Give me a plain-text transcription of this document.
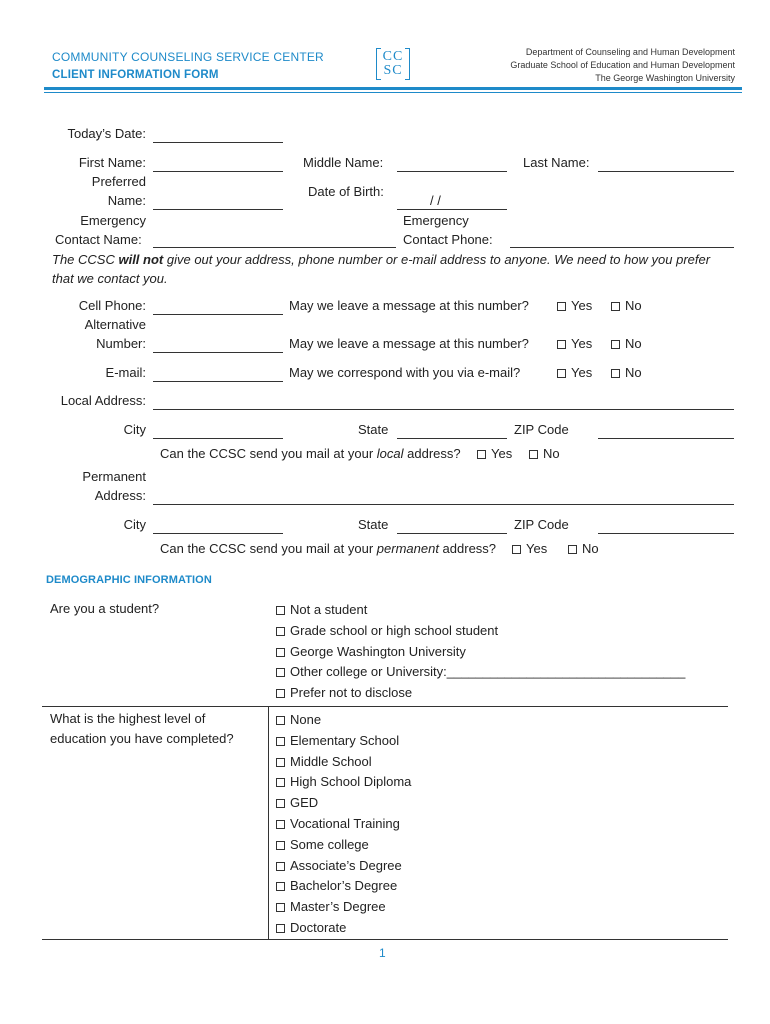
COMMUNITY COUNSELING SERVICE CENTER
CLIENT INFORMATION FORM
CC
SC
Department of Counseling and Human Development
Graduate School of Education and Human Development
The George Washington University
Today’s Date:
First Name:	Middle Name:	Last Name:
Preferred
Name:
Date of Birth:
/ /
Emergency
Contact Name:
Emergency
Contact Phone:
The CCSC will not give out your address, phone number or e-mail address to anyone. We need to how you prefer that we contact you.
Cell Phone:	May we leave a message at this number?	Yes	No
Alternative
Number:	May we leave a message at this number?	Yes	No
E-mail:	May we correspond with you via e-mail?	Yes	No
Local Address:
City	State	ZIP Code
Can the CCSC send you mail at your local address?	Yes	No
Permanent
Address:
City	State	ZIP Code
Can the CCSC send you mail at your permanent address?	Yes	No
DEMOGRAPHIC INFORMATION
Are you a student?	Not a student
Grade school or high school student
George Washington University
Other college or University:_________________________________
Prefer not to disclose
What is the highest level of
education you have completed?
None
Elementary School
Middle School
High School Diploma
GED
Vocational Training
Some college
Associate’s Degree
Bachelor’s Degree
Master’s Degree
Doctorate
1
